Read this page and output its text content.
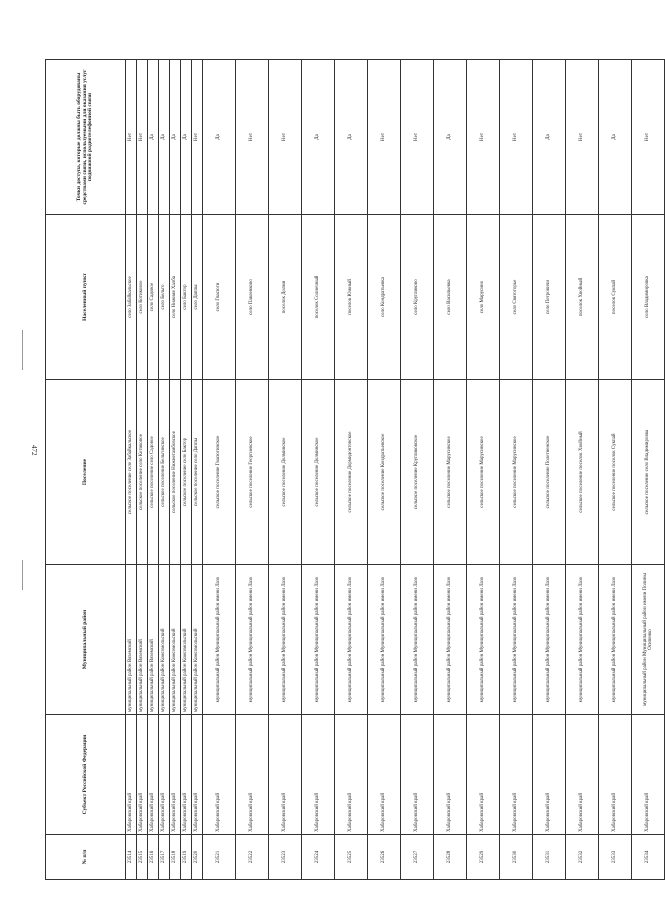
472
№ п/п	Субъект Российской Федерации	Муниципальный район	Поселение	Населенный пункт	Точки доступа, которые должны быть оборудованы средствами связи, используемыми для оказания услуг подвижной радиотелефонной связи
23514	Хабаровский край	муниципальный район Вяземский	сельское поселение село Забайкальское	село Забайкальское	Нет
23515	Хабаровский край	муниципальный район Вяземский	сельское поселение село Котиковое	село Котиковое	Нет
23516	Хабаровский край	муниципальный район Вяземский	сельское поселение село Садовое	село Садовое	Да
23517	Хабаровский край	муниципальный район Комсомольский	сельское поселение Бельгинское	село Бельго	Да
23518	Хабаровский край	муниципальный район Комсомольский	сельское поселение Нижнетамбовское	село Нижняя Халба	Да
23519	Хабаровский край	муниципальный район Комсомольский	сельское поселение село Бактор	село Бактор	Да
23520	Хабаровский край	муниципальный район Комсомольский	сельское поселение село Даппы	село Даппы	Нет
23521	Хабаровский край	муниципальный район Муниципальный район имени Лазо	сельское поселение Гвасюгинское	село Гвасюги	Да
23522	Хабаровский край	муниципальный район Муниципальный район имени Лазо	сельское поселение Георгиевское	село Павленково	Нет
23523	Хабаровский край	муниципальный район Муниципальный район имени Лазо	сельское поселение Долминское	поселок Долми	Нет
23524	Хабаровский край	муниципальный район Муниципальный район имени Лазо	сельское поселение Долминское	поселок Солнечный	Да
23525	Хабаровский край	муниципальный район Муниципальный район имени Лазо	сельское поселение Дормидонтовское	поселок Южный	Да
23526	Хабаровский край	муниципальный район Муниципальный район имени Лазо	сельское поселение Кондратьевское	село Кондратьевка	Нет
23527	Хабаровский край	муниципальный район Муниципальный район имени Лазо	сельское поселение Кругликовское	село Кругликово	Нет
23528	Хабаровский край	муниципальный район Муниципальный район имени Лазо	сельское поселение Марусинское	село Васильевка	Да
23529	Хабаровский край	муниципальный район Муниципальный район имени Лазо	сельское поселение Марусинское	село Марусино	Нет
23530	Хабаровский край	муниципальный район Муниципальный район имени Лазо	сельское поселение Марусинское	село Святогорье	Нет
23531	Хабаровский край	муниципальный район Муниципальный район имени Лазо	сельское поселение Полетненское	село Петровичи	Да
23532	Хабаровский край	муниципальный район Муниципальный район имени Лазо	сельское поселение поселок Хвойный	поселок Хвойный	Нет
23533	Хабаровский край	муниципальный район Муниципальный район имени Лазо	сельское поселение поселок Сукпай	поселок Сукпай	Да
23534	Хабаровский край	муниципальный район Муниципальный район имени Полины Осипенко	сельское поселение село Владимировка	село Владимировка	Нет
